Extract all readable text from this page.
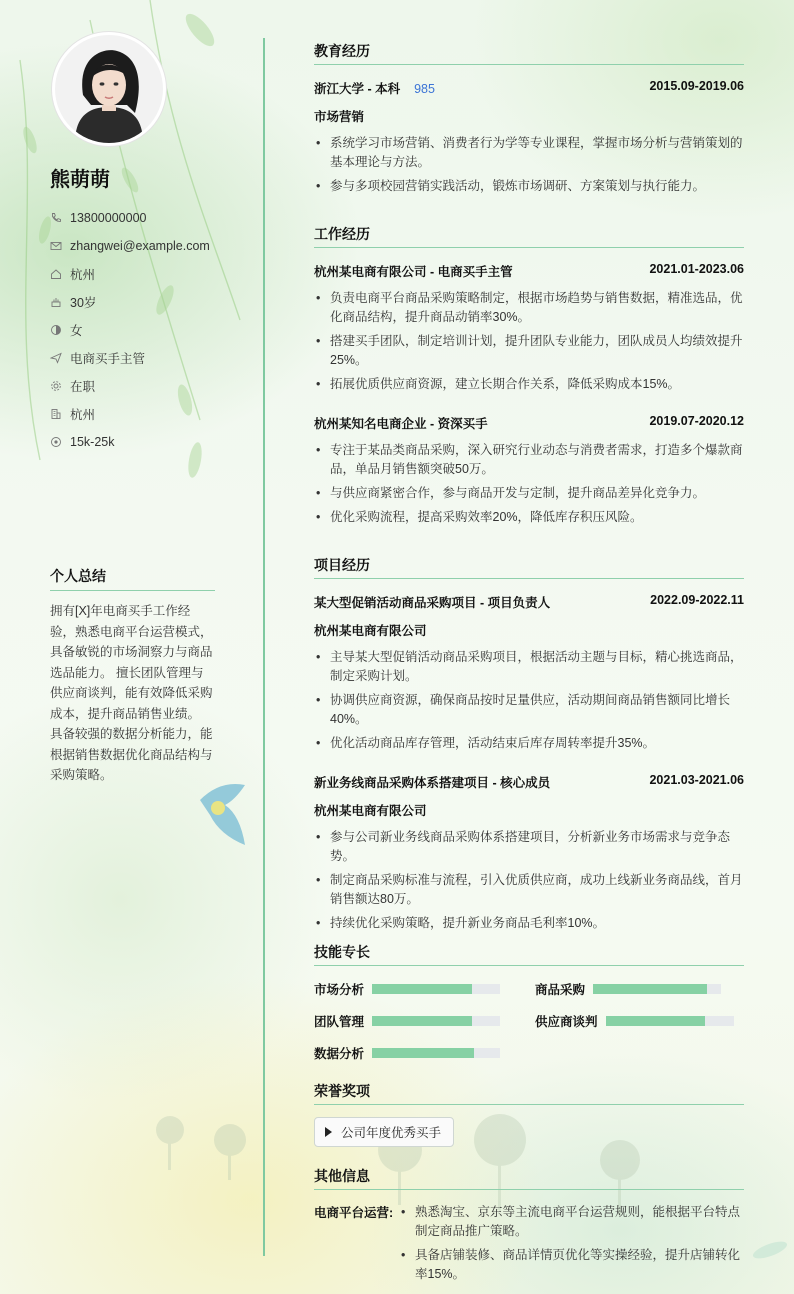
熊萌萌
13800000000
zhangwei@example.com
杭州
30岁
女
电商买手主管
在职
杭州
15k-25k
个人总结
拥有[X]年电商买手工作经验，熟悉电商平台运营模式，具备敏锐的市场洞察力与商品选品能力。 擅长团队管理与供应商谈判，能有效降低采购成本，提升商品销售业绩。 具备较强的数据分析能力，能根据销售数据优化商品结构与采购策略。
教育经历
浙江大学 - 本科 985	2015.09-2019.06
市场营销
• 系统学习市场营销、消费者行为学等专业课程，掌握市场分析与营销策划的基本理论与方法。
• 参与多项校园营销实践活动，锻炼市场调研、方案策划与执行能力。
工作经历
杭州某电商有限公司 - 电商买手主管	2021.01-2023.06
• 负责电商平台商品采购策略制定，根据市场趋势与销售数据，精准选品，优化商品结构，提升商品动销率30%。
• 搭建买手团队，制定培训计划，提升团队专业能力，团队成员人均绩效提升25%。
• 拓展优质供应商资源，建立长期合作关系，降低采购成本15%。
杭州某知名电商企业 - 资深买手	2019.07-2020.12
• 专注于某品类商品采购，深入研究行业动态与消费者需求，打造多个爆款商品，单品月销售额突破50万。
• 与供应商紧密合作，参与商品开发与定制，提升商品差异化竞争力。
• 优化采购流程，提高采购效率20%，降低库存积压风险。
项目经历
某大型促销活动商品采购项目 - 项目负责人	2022.09-2022.11
杭州某电商有限公司
• 主导某大型促销活动商品采购项目，根据活动主题与目标，精心挑选商品，制定采购计划。
• 协调供应商资源，确保商品按时足量供应，活动期间商品销售额同比增长40%。
• 优化活动商品库存管理，活动结束后库存周转率提升35%。
新业务线商品采购体系搭建项目 - 核心成员	2021.03-2021.06
杭州某电商有限公司
• 参与公司新业务线商品采购体系搭建项目，分析新业务市场需求与竞争态势。
• 制定商品采购标准与流程，引入优质供应商，成功上线新业务商品线，首月销售额达80万。
• 持续优化采购策略，提升新业务商品毛利率10%。
技能专长
市场分析	商品采购
团队管理	供应商谈判
数据分析
荣誉奖项
公司年度优秀买手
其他信息
电商平台运营:
•	熟悉淘宝、京东等主流电商平台运营规则，能根据平台特点制定商品推广策略。
• 具备店铺装修、商品详情页优化等实操经验，提升店铺转化率15%。
